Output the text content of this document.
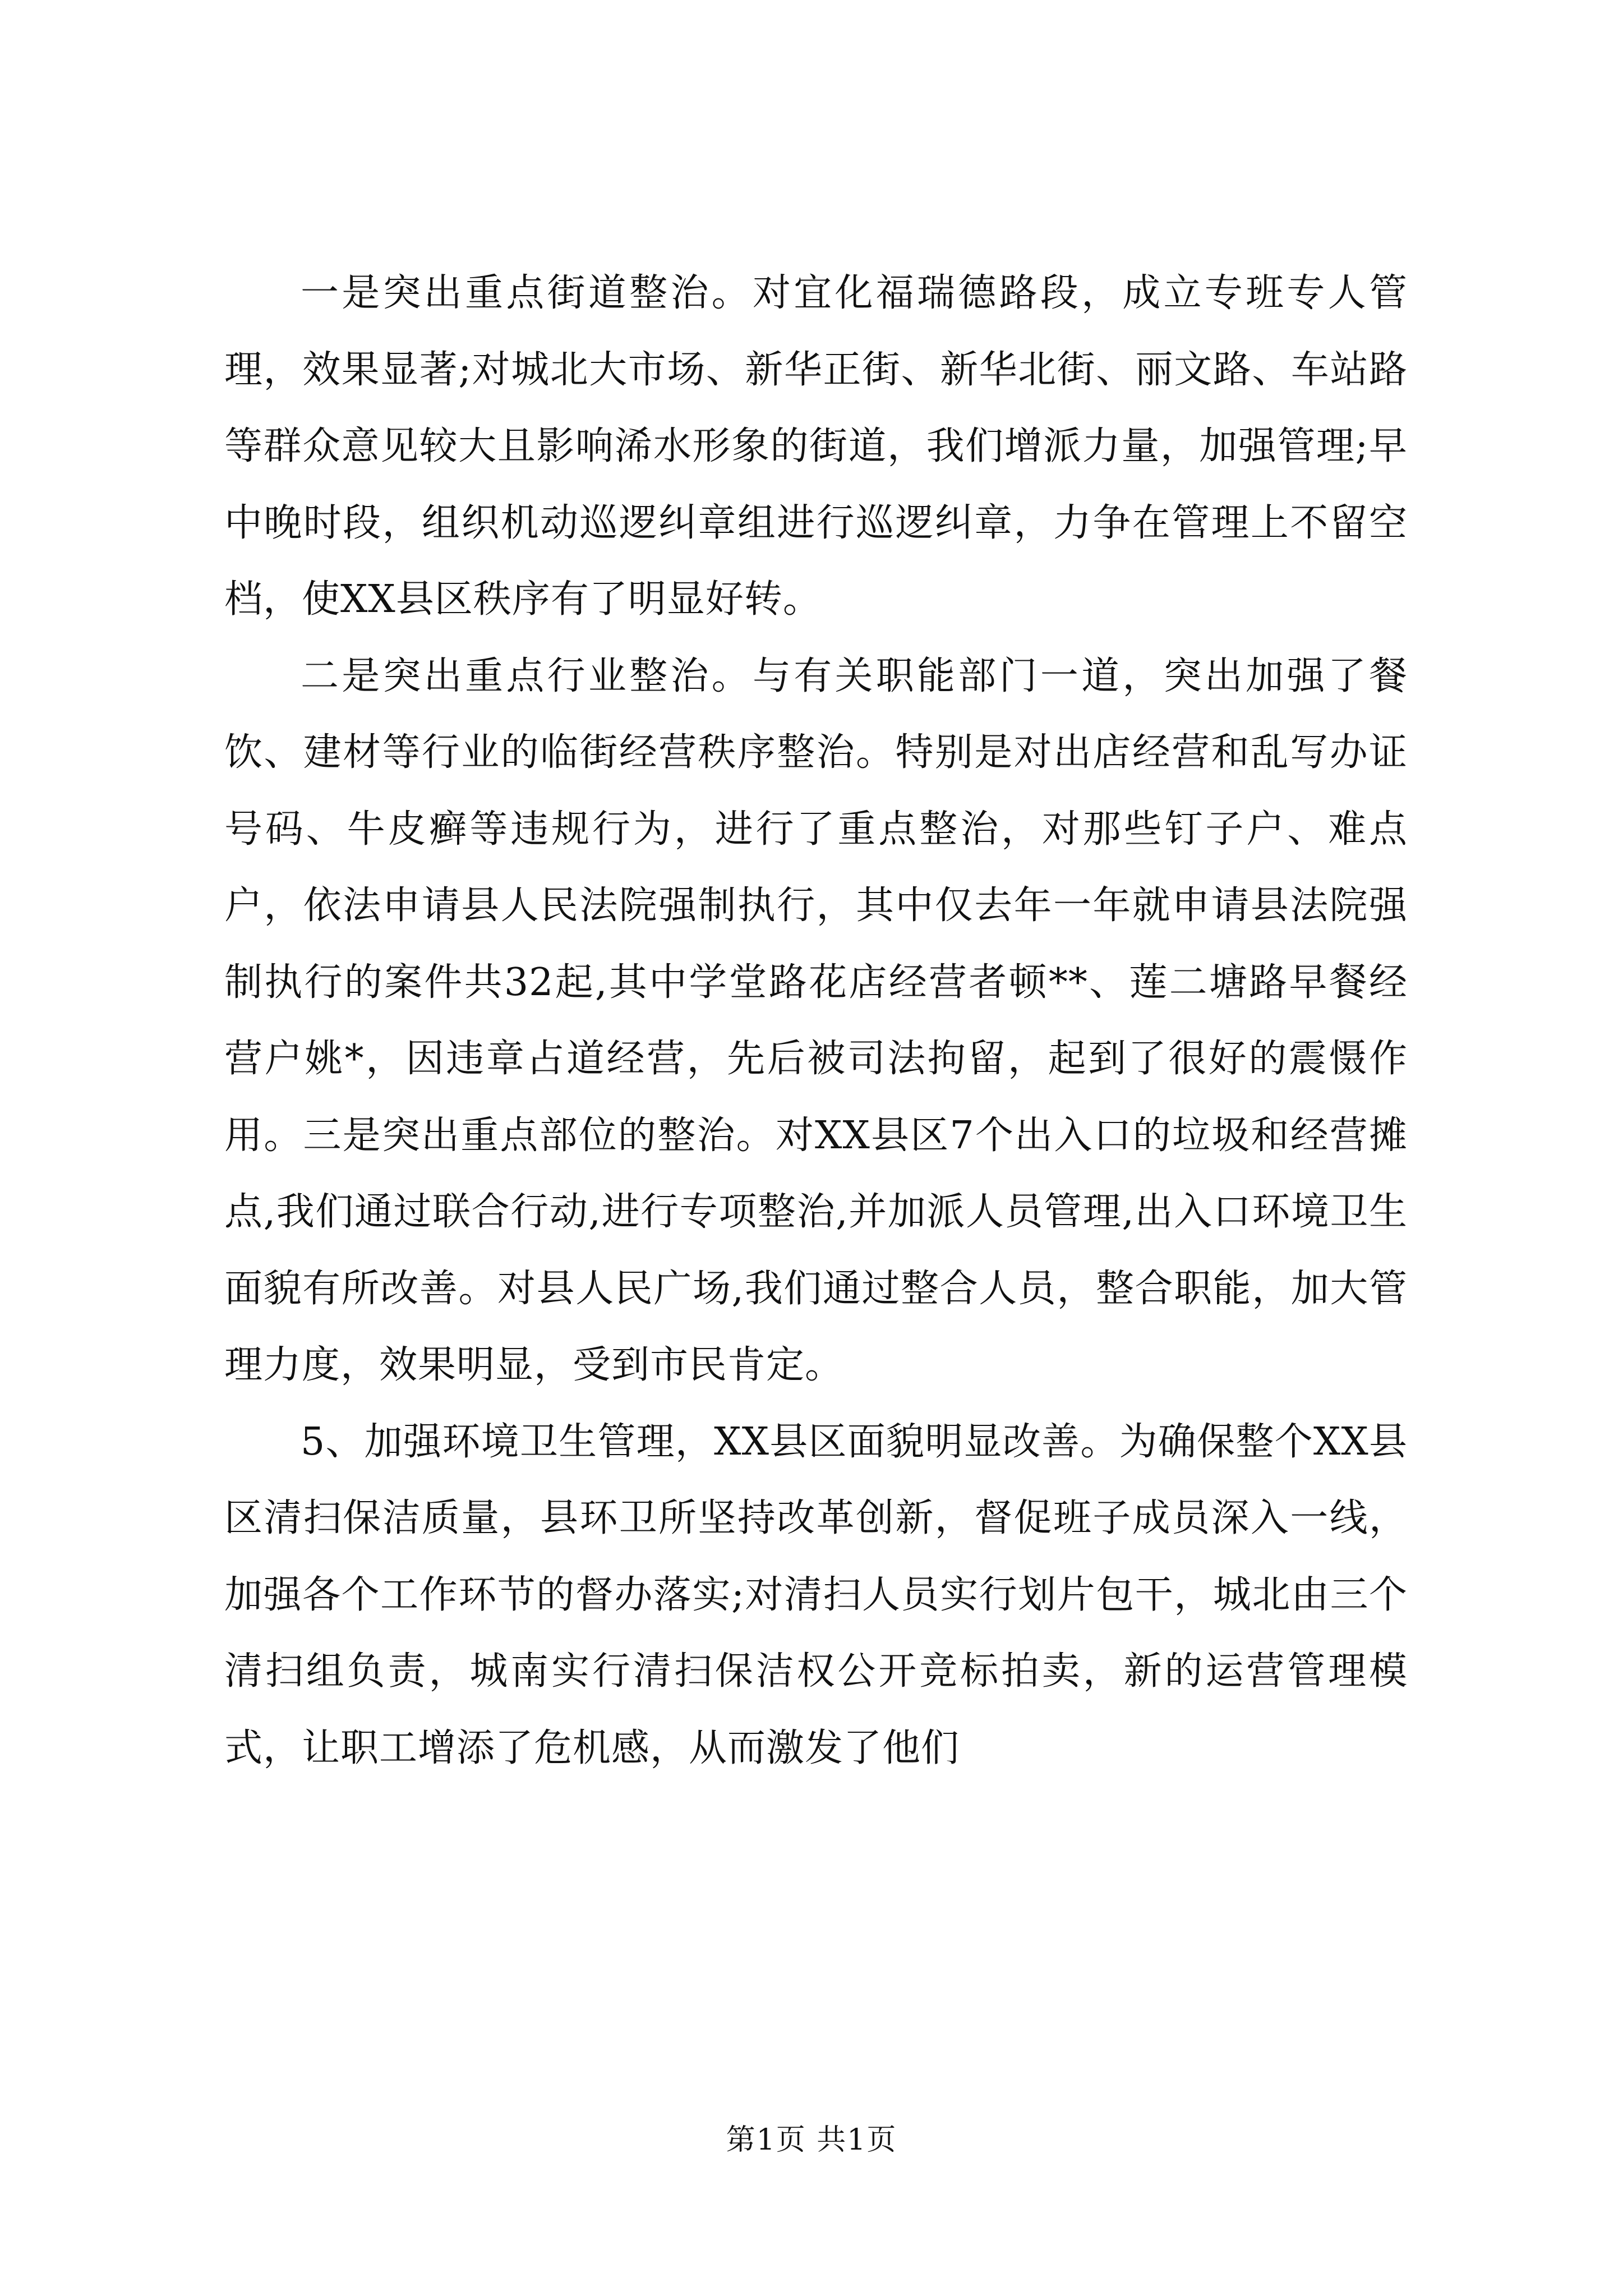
一是突出重点街道整治。对宜化福瑞德路段，成立专班专人管理，效果显著;对城北大市场、新华正街、新华北街、丽文路、车站路等群众意见较大且影响浠水形象的街道，我们增派力量，加强管理;早中晚时段，组织机动巡逻纠章组进行巡逻纠章，力争在管理上不留空档，使XX县区秩序有了明显好转。

二是突出重点行业整治。与有关职能部门一道，突出加强了餐饮、建材等行业的临街经营秩序整治。特别是对出店经营和乱写办证号码、牛皮癣等违规行为，进行了重点整治，对那些钉子户、难点户，依法申请县人民法院强制执行，其中仅去年一年就申请县法院强制执行的案件共32起,其中学堂路花店经营者顿**、莲二塘路早餐经营户姚*，因违章占道经营，先后被司法拘留，起到了很好的震慑作用。三是突出重点部位的整治。对XX县区7个出入口的垃圾和经营摊点,我们通过联合行动,进行专项整治,并加派人员管理,出入口环境卫生面貌有所改善。对县人民广场,我们通过整合人员，整合职能，加大管理力度，效果明显，受到市民肯定。

5、加强环境卫生管理，XX县区面貌明显改善。为确保整个XX县区清扫保洁质量，县环卫所坚持改革创新，督促班子成员深入一线，加强各个工作环节的督办落实;对清扫人员实行划片包干，城北由三个清扫组负责，城南实行清扫保洁权公开竞标拍卖，新的运营管理模式，让职工增添了危机感，从而激发了他们

第1页 共1页
